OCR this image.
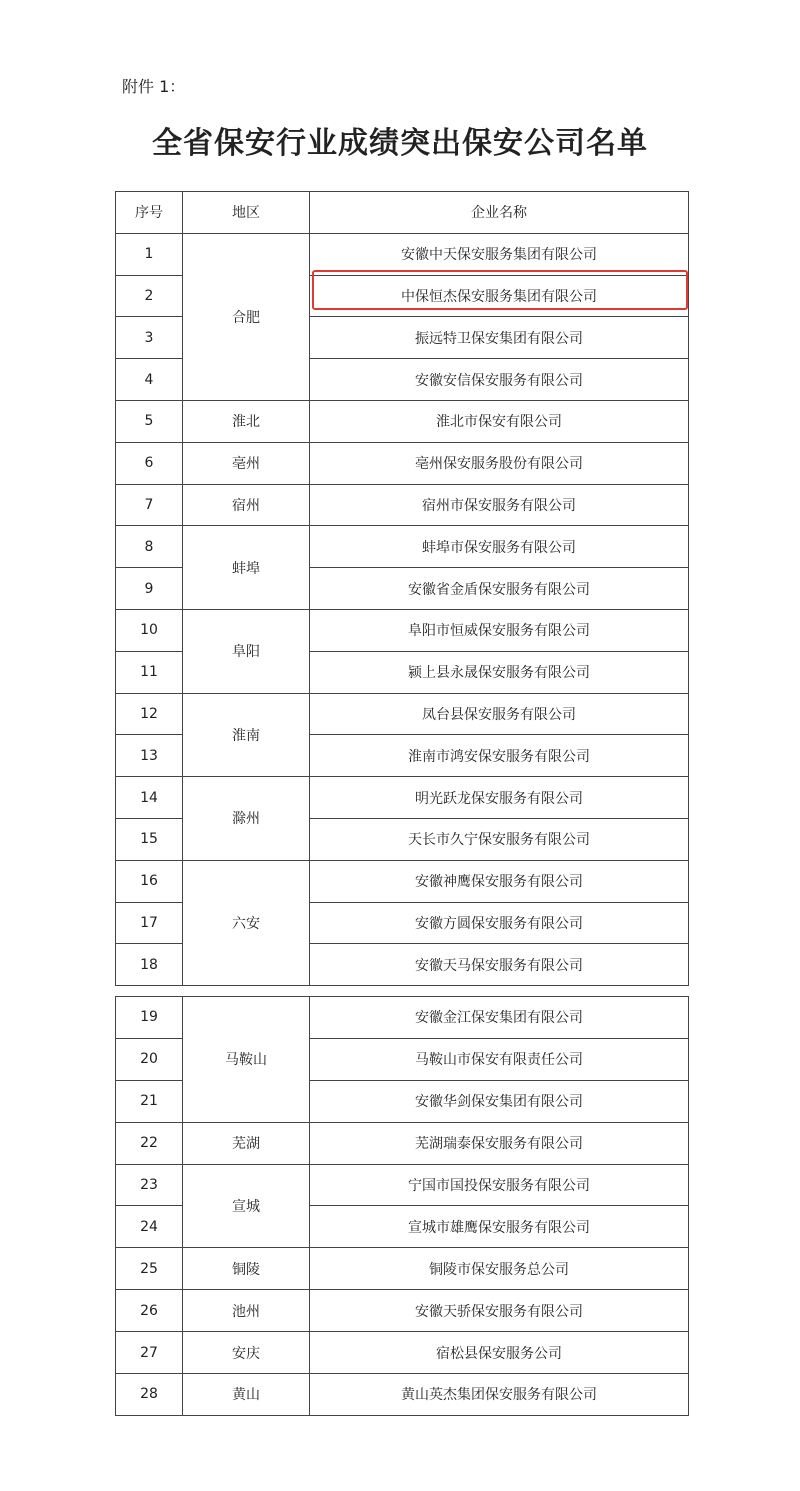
附件 1：
全省保安行业成绩突出保安公司名单
序号	地区	企业名称
1	合肥	安徽中天保安服务集团有限公司
2		中保恒杰保安服务集团有限公司
3		振远特卫保安集团有限公司
4		安徽安信保安服务有限公司
5	淮北	淮北市保安有限公司
6	亳州	亳州保安服务股份有限公司
7	宿州	宿州市保安服务有限公司
8	蚌埠	蚌埠市保安服务有限公司
9		安徽省金盾保安服务有限公司
10	阜阳	阜阳市恒威保安服务有限公司
11		颍上县永晟保安服务有限公司
12	淮南	凤台县保安服务有限公司
13		淮南市鸿安保安服务有限公司
14	滁州	明光跃龙保安服务有限公司
15		天长市久宁保安服务有限公司
16	六安	安徽神鹰保安服务有限公司
17		安徽方圆保安服务有限公司
18		安徽天马保安服务有限公司
19	马鞍山	安徽金江保安集团有限公司
20		马鞍山市保安有限责任公司
21		安徽华剑保安集团有限公司
22	芜湖	芜湖瑞泰保安服务有限公司
23	宣城	宁国市国投保安服务有限公司
24		宣城市雄鹰保安服务有限公司
25	铜陵	铜陵市保安服务总公司
26	池州	安徽天骄保安服务有限公司
27	安庆	宿松县保安服务公司
28	黄山	黄山英杰集团保安服务有限公司
